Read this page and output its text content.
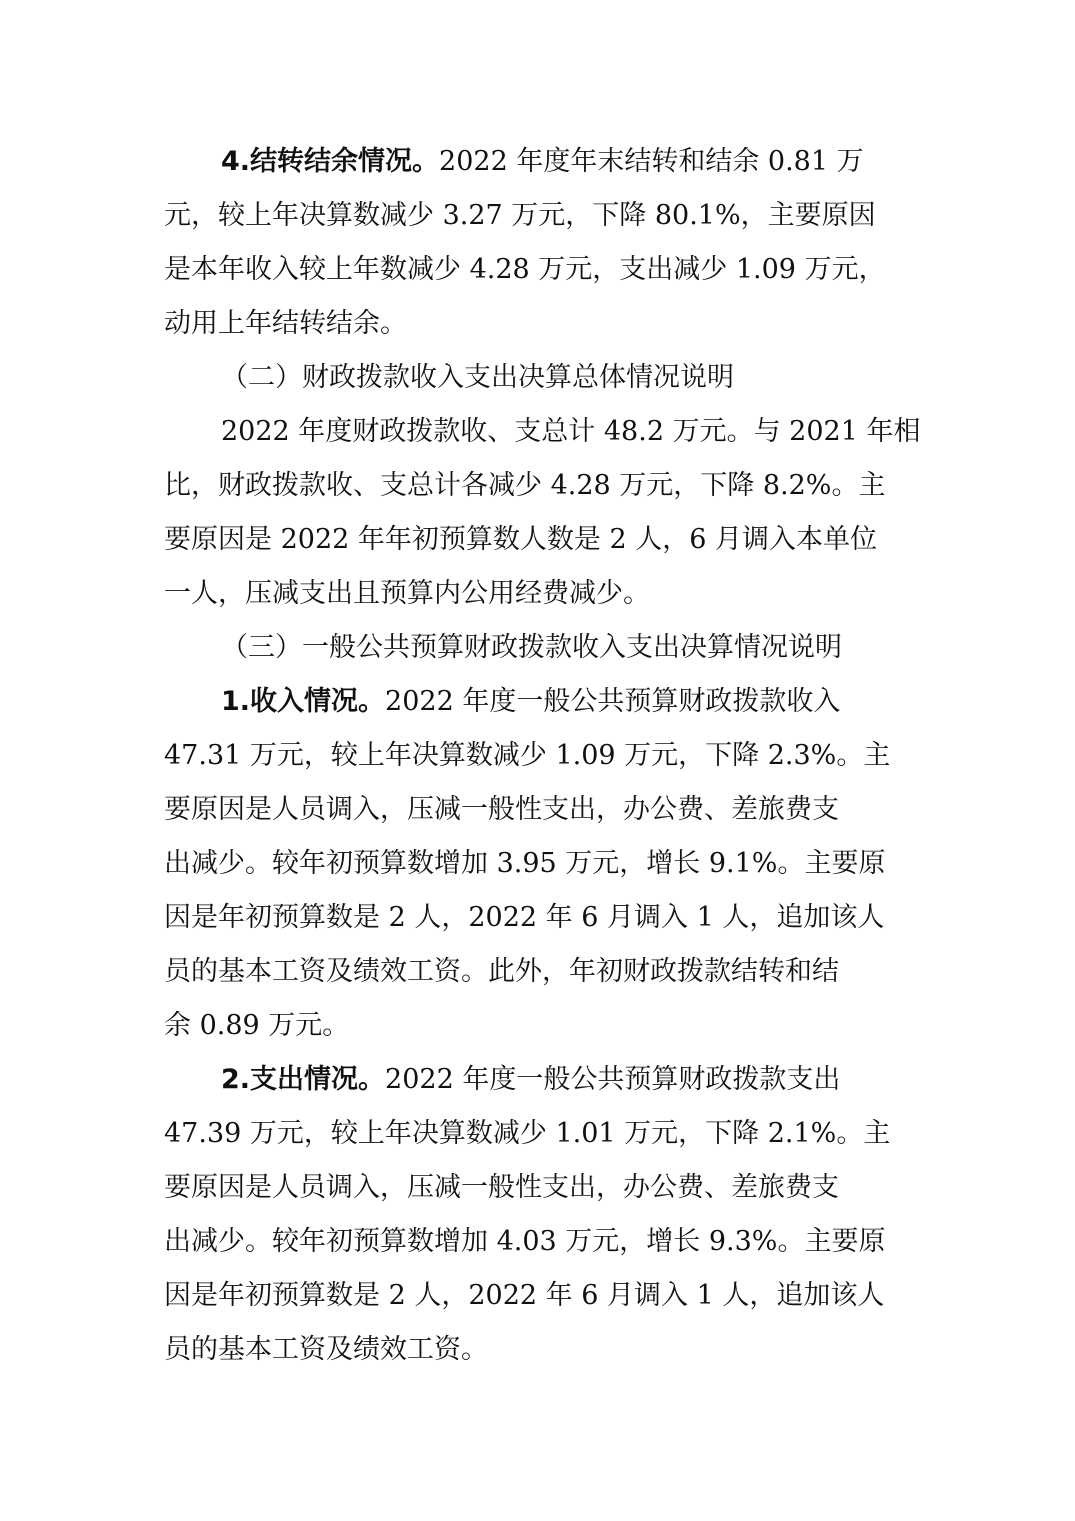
4.结转结余情况。2022 年度年末结转和结余 0.81 万
元，较上年决算数减少 3.27 万元，下降 80.1%，主要原因
是本年收入较上年数减少 4.28 万元，支出减少 1.09 万元，
动用上年结转结余。
（二）财政拨款收入支出决算总体情况说明
2022 年度财政拨款收、支总计 48.2 万元。与 2021 年相
比，财政拨款收、支总计各减少 4.28 万元，下降 8.2%。主
要原因是 2022 年年初预算数人数是 2 人，6 月调入本单位
一人，压减支出且预算内公用经费减少。
（三）一般公共预算财政拨款收入支出决算情况说明
1.收入情况。2022 年度一般公共预算财政拨款收入
47.31 万元，较上年决算数减少 1.09 万元，下降 2.3%。主
要原因是人员调入，压减一般性支出，办公费、差旅费支
出减少。较年初预算数增加 3.95 万元，增长 9.1%。主要原
因是年初预算数是 2 人，2022 年 6 月调入 1 人，追加该人
员的基本工资及绩效工资。此外，年初财政拨款结转和结
余 0.89 万元。
2.支出情况。2022 年度一般公共预算财政拨款支出
47.39 万元，较上年决算数减少 1.01 万元，下降 2.1%。主
要原因是人员调入，压减一般性支出，办公费、差旅费支
出减少。较年初预算数增加 4.03 万元，增长 9.3%。主要原
因是年初预算数是 2 人，2022 年 6 月调入 1 人，追加该人
员的基本工资及绩效工资。
